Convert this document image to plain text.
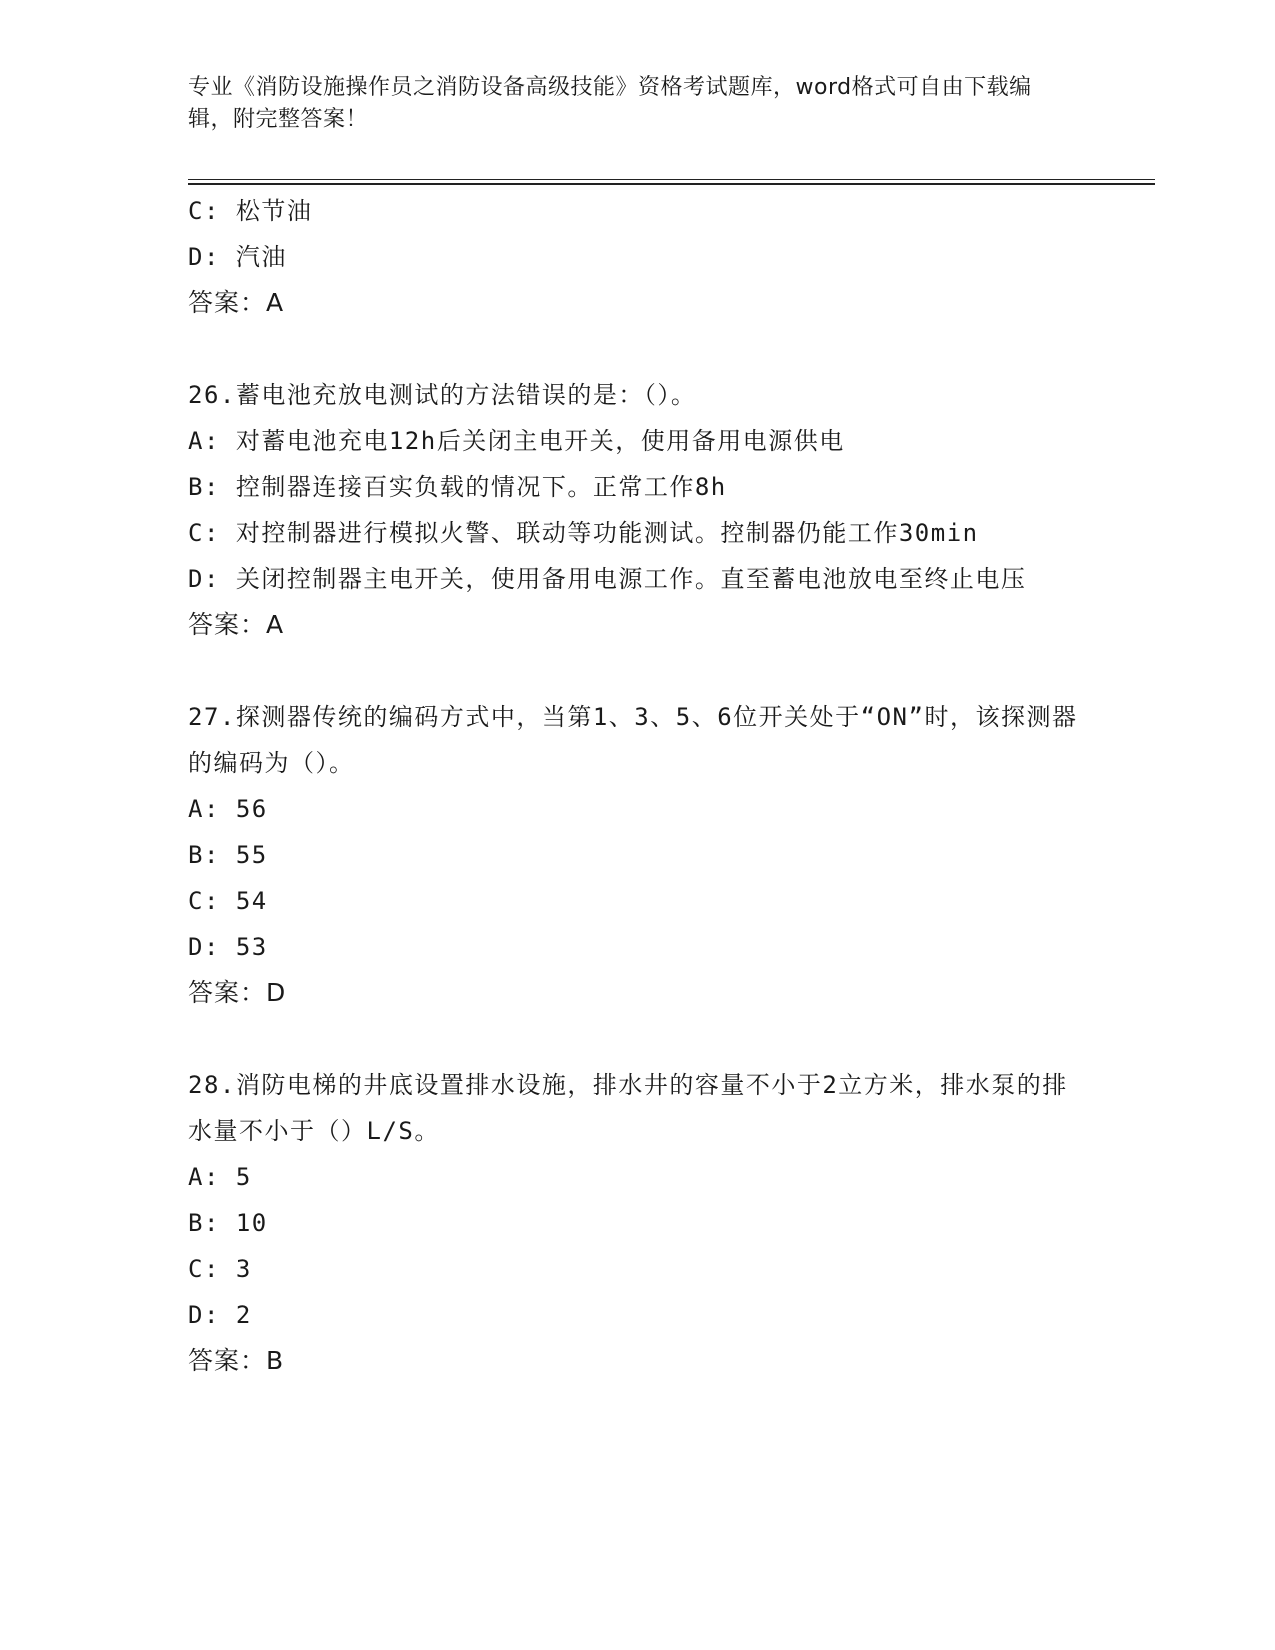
专业《消防设施操作员之消防设备高级技能》资格考试题库，word格式可自由下载编辑，附完整答案！
C: 松节油
D: 汽油
答案：A
26.蓄电池充放电测试的方法错误的是：（）。
A: 对蓄电池充电12h后关闭主电开关，使用备用电源供电
B: 控制器连接百实负载的情况下。正常工作8h
C: 对控制器进行模拟火警、联动等功能测试。控制器仍能工作30min
D: 关闭控制器主电开关，使用备用电源工作。直至蓄电池放电至终止电压
答案：A
27.探测器传统的编码方式中，当第1、3、5、6位开关处于“ON”时，该探测器的编码为（）。
A: 56
B: 55
C: 54
D: 53
答案：D
28.消防电梯的井底设置排水设施，排水井的容量不小于2立方米，排水泵的排水量不小于（）L/S。
A: 5
B: 10
C: 3
D: 2
答案：B
